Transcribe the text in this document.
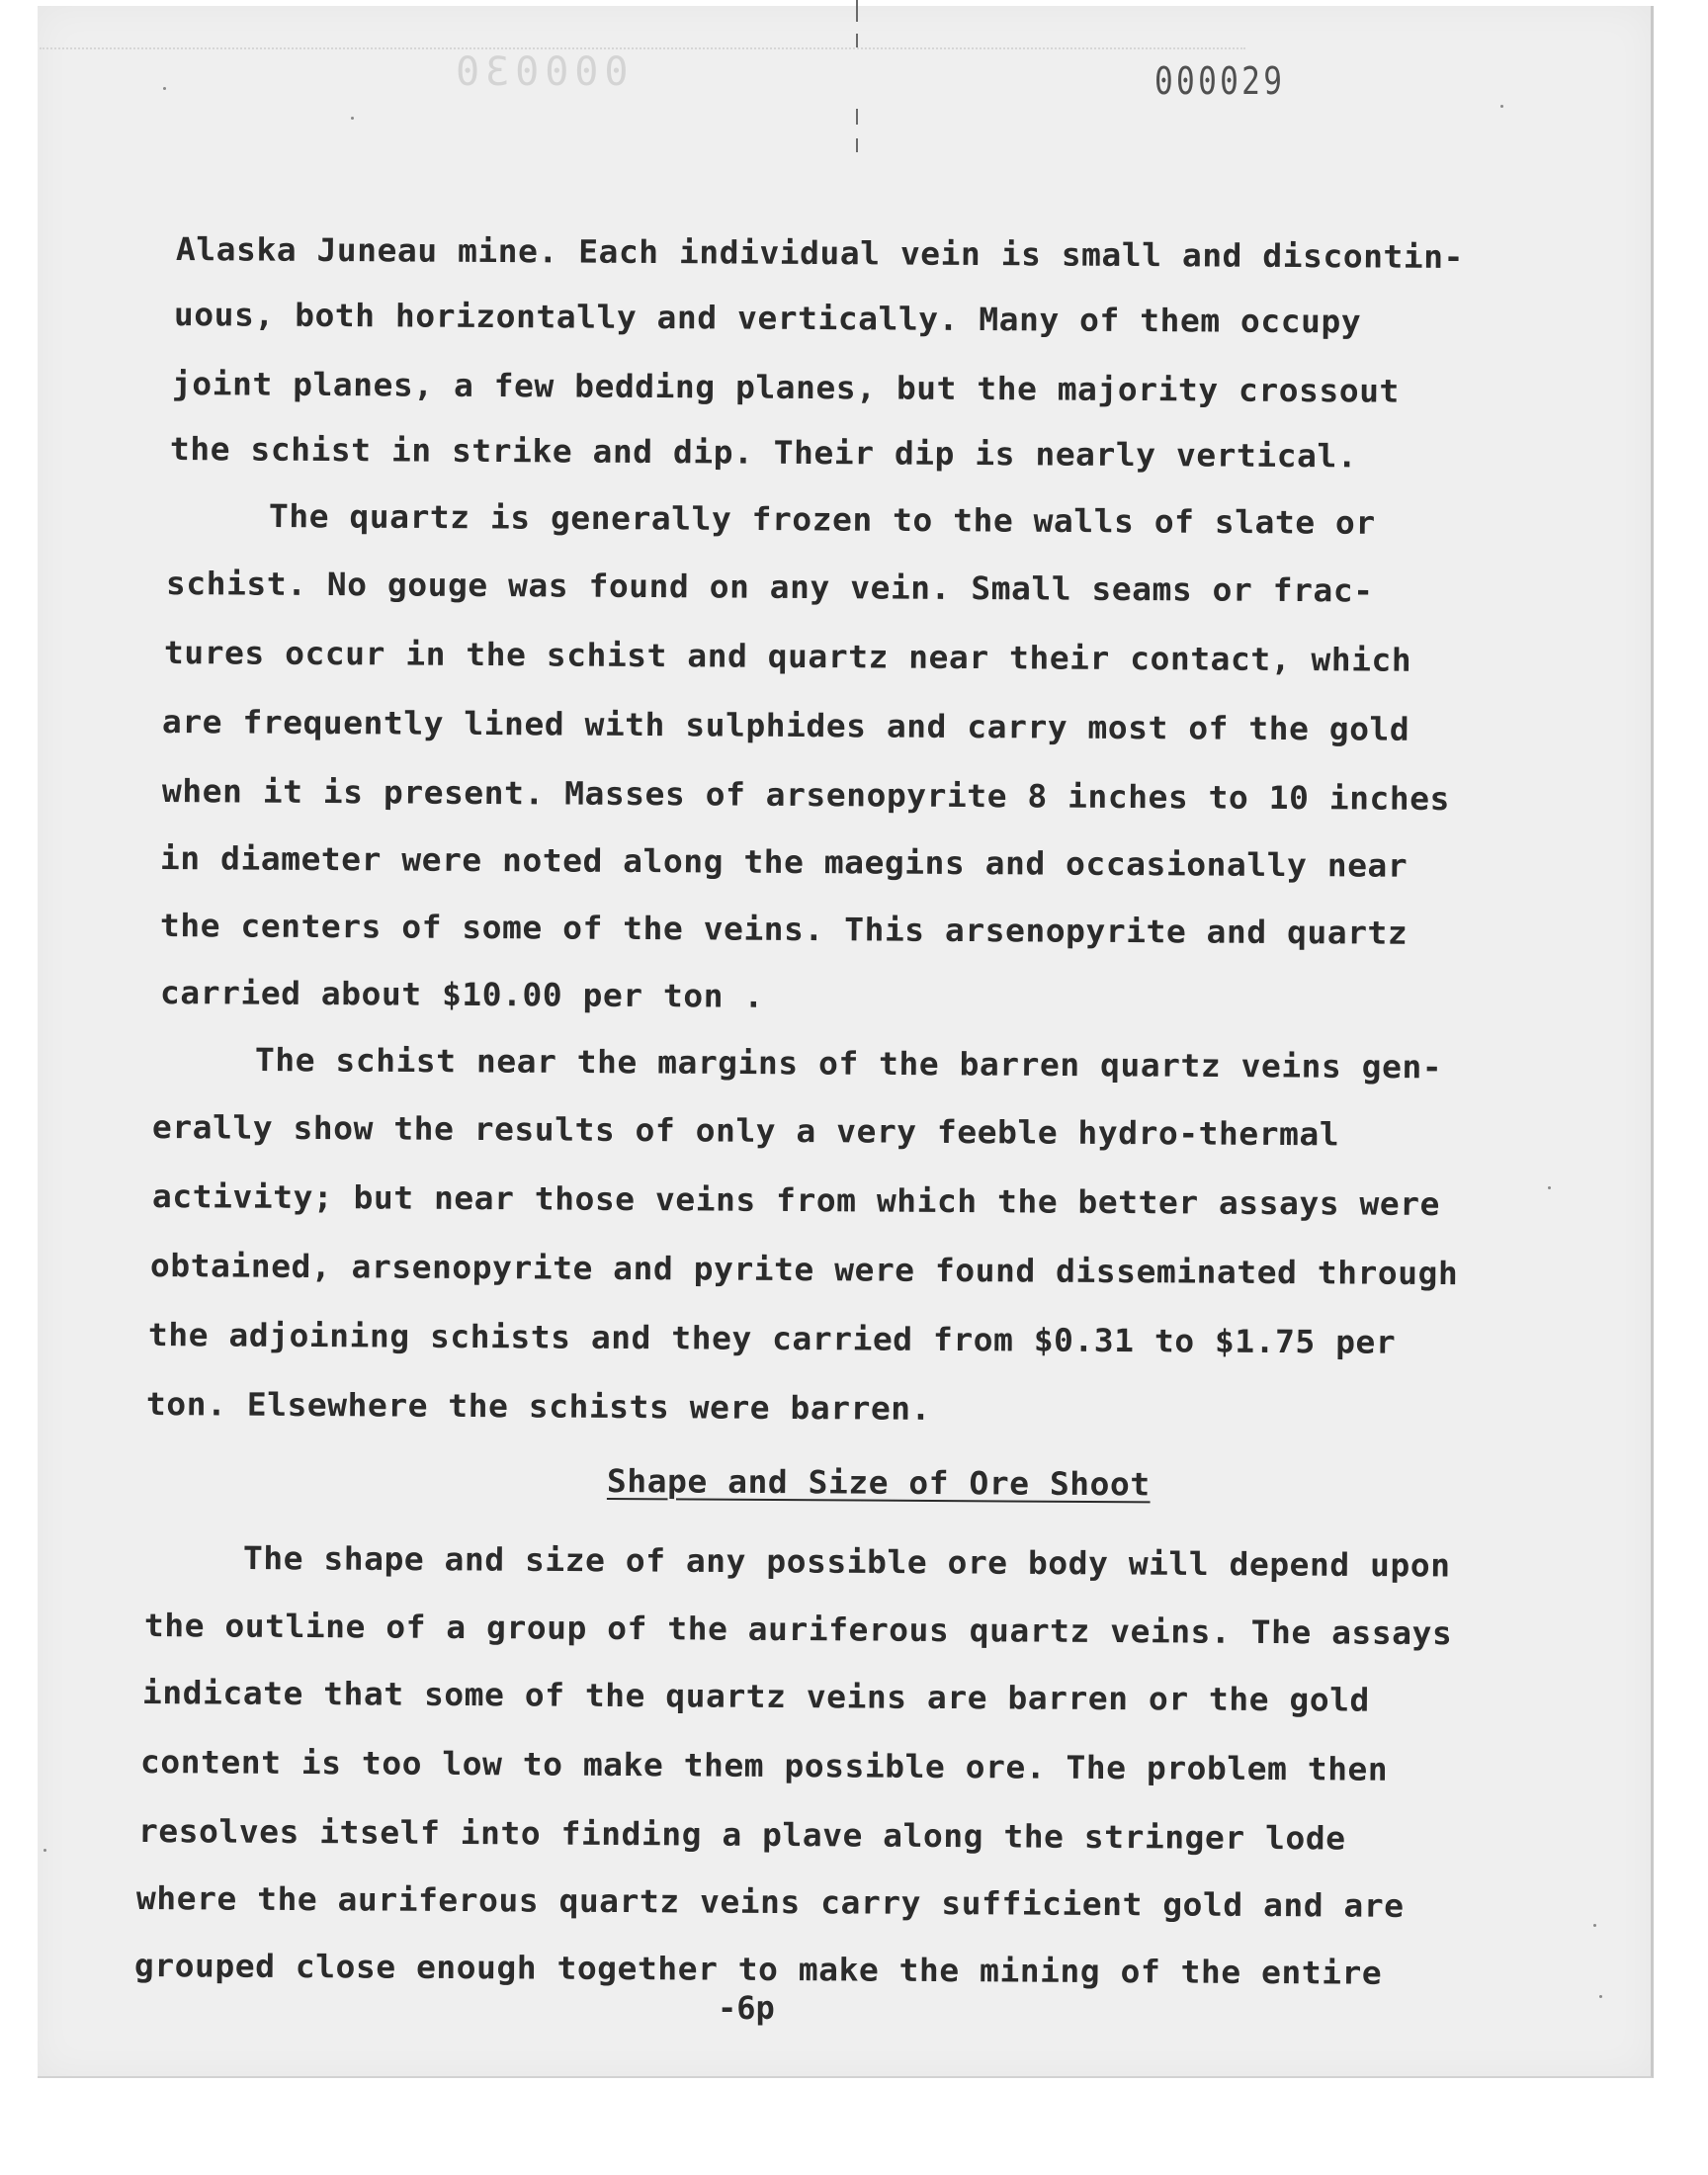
000030	000029
Alaska Juneau mine. Each individual vein is small and discontin-
uous, both horizontally and vertically. Many of them occupy
joint planes, a few bedding planes, but the majority crossout
the schist in strike and dip. Their dip is nearly vertical.
The quartz is generally frozen to the walls of slate or
schist. No gouge was found on any vein. Small seams or frac-
tures occur in the schist and quartz near their contact, which
are frequently lined with sulphides and carry most of the gold
when it is present. Masses of arsenopyrite 8 inches to 10 inches
in diameter were noted along the maegins and occasionally near
the centers of some of the veins. This arsenopyrite and quartz
carried about $10.00 per ton .
The schist near the margins of the barren quartz veins gen-
erally show the results of only a very feeble hydro-thermal
activity; but near those veins from which the better assays were
obtained, arsenopyrite and pyrite were found disseminated through
the adjoining schists and they carried from $0.31 to $1.75 per
ton. Elsewhere the schists were barren.
Shape and Size of Ore Shoot
The shape and size of any possible ore body will depend upon
the outline of a group of the auriferous quartz veins. The assays
indicate that some of the quartz veins are barren or the gold
content is too low to make them possible ore. The problem then
resolves itself into finding a plave along the stringer lode
where the auriferous quartz veins carry sufficient gold and are
grouped close enough together to make the mining of the entire
-6p
